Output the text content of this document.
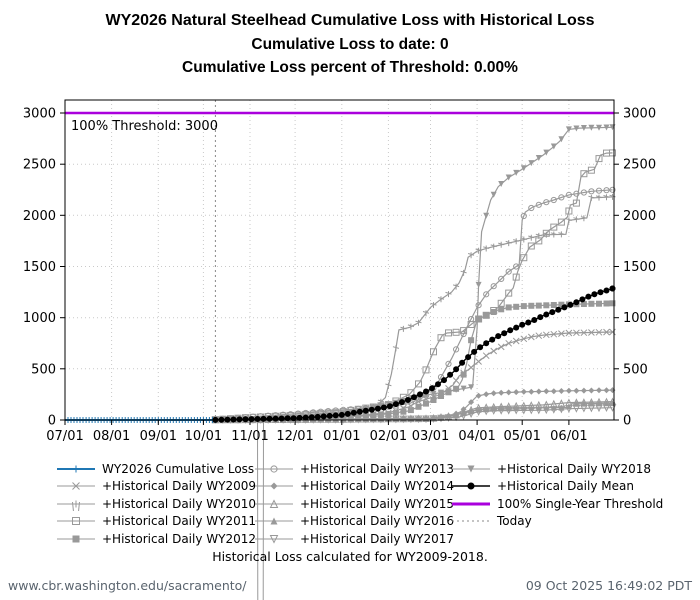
WY2026 Natural Steelhead Cumulative Loss with Historical Loss
Cumulative Loss to date: 0
Cumulative Loss percent of Threshold: 0.00%
100% Threshold: 3000
0	0
500	500
1000	1000
1500	1500
2000	2000
2500	2500
3000	3000
07/01 08/01 09/01 10/01 11/01 12/01 01/01 02/01 03/01 04/01 05/01 06/01
WY2026 Cumulative Loss
+Historical Daily WY2009
+Historical Daily WY2010
+Historical Daily WY2011
+Historical Daily WY2012
+Historical Daily WY2013
+Historical Daily WY2014
+Historical Daily WY2015
+Historical Daily WY2016
+Historical Daily WY2017
+Historical Daily WY2018
+Historical Daily Mean
100% Single-Year Threshold
Today
Historical Loss calculated for WY2009-2018.
www.cbr.washington.edu/sacramento/	09 Oct 2025 16:49:02 PDT
